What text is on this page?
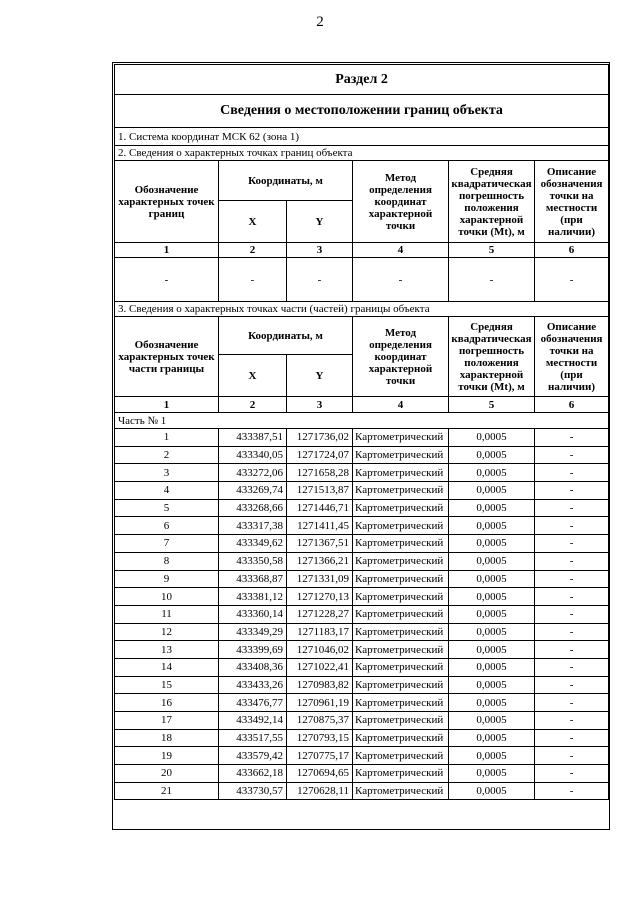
2
Раздел 2					
Сведения о местоположении границ объекта					
1. Система координат МСК 62 (зона 1)					
2. Сведения о характерных точках границ объекта					
Обозначение характерных точек границ	Координаты, м		Метод определения координат характерной точки	Средняя квадратическая погрешность положения характерной точки (Mt), м	Описание обозначения точки на местности (при наличии)
	X	Y			
1	2	3	4	5	6
-	-	-	-	-	-
3. Сведения о характерных точках части (частей) границы объекта					
Обозначение характерных точек части границы	Координаты, м		Метод определения координат характерной точки	Средняя квадратическая погрешность положения характерной точки (Mt), м	Описание обозначения точки на местности (при наличии)
	X	Y			
1	2	3	4	5	6
Часть № 1					
1	433387,51	1271736,02	Картометрический	0,0005	-
2	433340,05	1271724,07	Картометрический	0,0005	-
3	433272,06	1271658,28	Картометрический	0,0005	-
4	433269,74	1271513,87	Картометрический	0,0005	-
5	433268,66	1271446,71	Картометрический	0,0005	-
6	433317,38	1271411,45	Картометрический	0,0005	-
7	433349,62	1271367,51	Картометрический	0,0005	-
8	433350,58	1271366,21	Картометрический	0,0005	-
9	433368,87	1271331,09	Картометрический	0,0005	-
10	433381,12	1271270,13	Картометрический	0,0005	-
11	433360,14	1271228,27	Картометрический	0,0005	-
12	433349,29	1271183,17	Картометрический	0,0005	-
13	433399,69	1271046,02	Картометрический	0,0005	-
14	433408,36	1271022,41	Картометрический	0,0005	-
15	433433,26	1270983,82	Картометрический	0,0005	-
16	433476,77	1270961,19	Картометрический	0,0005	-
17	433492,14	1270875,37	Картометрический	0,0005	-
18	433517,55	1270793,15	Картометрический	0,0005	-
19	433579,42	1270775,17	Картометрический	0,0005	-
20	433662,18	1270694,65	Картометрический	0,0005	-
21	433730,57	1270628,11	Картометрический	0,0005	-
